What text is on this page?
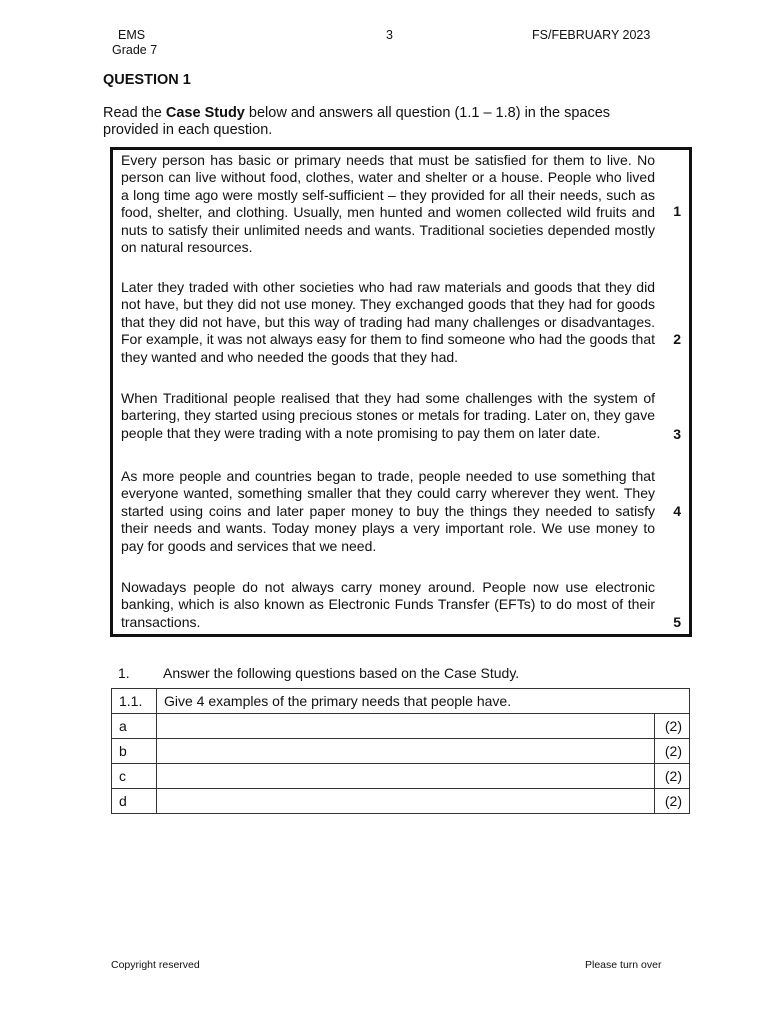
EMS
Grade 7
3	FS/FEBRUARY 2023
QUESTION 1
Read the Case Study below and answers all question (1.1 – 1.8) in the spaces provided in each question.
Every person has basic or primary needs that must be satisfied for them to live. No person can live without food, clothes, water and shelter or a house. People who lived a long time ago were mostly self-sufficient – they provided for all their needs, such as food, shelter, and clothing. Usually, men hunted and women collected wild fruits and nuts to satisfy their unlimited needs and wants. Traditional societies depended mostly on natural resources.
1
Later they traded with other societies who had raw materials and goods that they did not have, but they did not use money. They exchanged goods that they had for goods that they did not have, but this way of trading had many challenges or disadvantages. For example, it was not always easy for them to find someone who had the goods that they wanted and who needed the goods that they had.
2
When Traditional people realised that they had some challenges with the system of bartering, they started using precious stones or metals for trading. Later on, they gave people that they were trading with a note promising to pay them on later date.	3
As more people and countries began to trade, people needed to use something that everyone wanted, something smaller that they could carry wherever they went. They started using coins and later paper money to buy the things they needed to satisfy their needs and wants. Today money plays a very important role. We use money to pay for goods and services that we need.
4
Nowadays people do not always carry money around. People now use electronic banking, which is also known as Electronic Funds Transfer (EFTs) to do most of their transactions.	5
1. Answer the following questions based on the Case Study.
1.1.	Give 4 examples of the primary needs that people have.	
a		(2)
b		(2)
c		(2)
d		(2)
Copyright reserved	Please turn over
